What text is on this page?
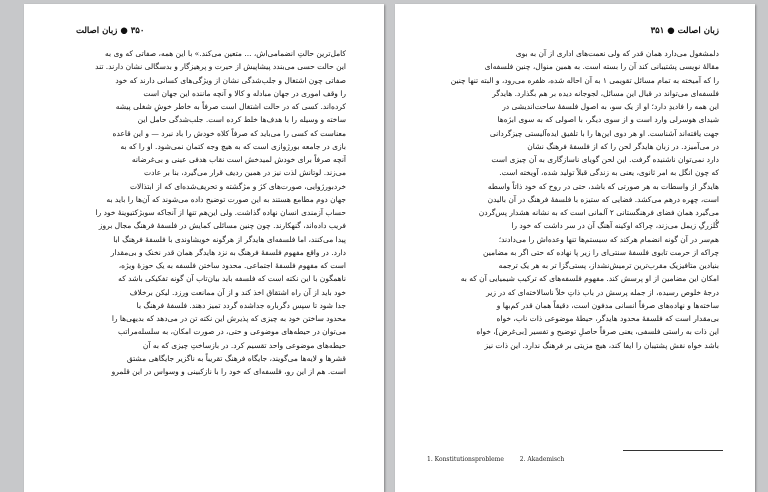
۳۵۰ ● زبان اصالت
کامل‌ترین حالتِ انضمامی‌اش، ... متعین می‌کند.» با این همه، صفاتی که وی به
این حالت حسی می‌بندد پیشاپیش از حیرت و پرهیزگار و بدسگالی نشان دارند. تند
صفاتی چون اشتغال و جلب‌شدگی نشان از ویژگی‌های کسانی دارند که خود
را وقف اموری در جهان مبادله و کالا و آنچه ماننده این جهان است
کرده‌اند. کسی که در حالت اشتغال است صرفاً به خاطر خوشِ شغلی پیشه
ساخته و وسیله را با هدف‌ها خلط کرده است. جلب‌شدگی حامل این
معناست که کسی را می‌باید که صرفاً کلاه خودش را باد نبرد — و این قاعده
بازی در جامعه بورژوازی است که به هیچ وجه کتمان نمی‌شود. او را که به
آنچه صرفاً برای خودش لمیدخش است نقاب هدفی عینی و بی‌غرضانه
می‌زند. لوتانش لذت نیز در همین ردیف قرار می‌گیرد، بنا بر عادت
خردبورژوایی، صورت‌های کژ و مژگشته و تحریف‌شده‌ای که از ابتذالات
جهان دوم مطامع هستند به این صورت توضیح داده می‌شوند که آن‌ها را باید به
حساب آزمندی انسان نهاده گذاشت. ولی این‌هم تنها از آنجاکه سوبژکتیوینهٔ خود را
فریب داده‌اند، گنهکارند. چون چنین مسائلی کمایش در فلسفهٔ فرهنگ مجال بروز
پیدا می‌کنند، اما فلسفه‌ای هایدگر از هرگونه خویشاوندی با فلسفهٔ فرهنگ ابا
دارد. در واقع مفهوم فلسفهٔ فرهنگ به نزد هایدگر همان قدر نخنک و بی‌مقدار
است که مفهوم فلسفهٔ اجتماعی. محدود ساختن فلسفه به یک حوزهٔ ویژه،
ناهمگون با این نکته است که فلسفه باید بیان‌تاب آن گونه تفکیکی باشد که
خود باید از آن راه اشتقاق اخذ کند و از آن ممانعت ورزد. لیکن برخلاف
جدا شود تا سپس دگرباره جداشده گردد تمیز دهند. فلسفهٔ فرهنگ با
محدود ساختن خود به چیزی که پذیرش این نکته تن در می‌دهد که بدیهی‌ها را
می‌توان در حیطه‌های موضوعی و حتی، در صورت امکان، به سلسله‌مراتب
حیطه‌های موضوعی واحد تقسیم کرد. در بازساختِ چیزی که به آن
قشرها و لایه‌ها می‌گویند، جایگاه فرهنگ تقریباً به ناگزیر جایگاهی مشتق
است. هم از این رو، فلسفه‌ای که خود را با نازکبینی و وسواس در این قلمرو
زبان اصالت ● ۳۵۱
دلمشغول می‌دارد همان قدر که ولی نعمت‌های اداری از آن به بوی
مقالهٔ نویسی پشتیبانی کند آن را بسته است. به همین منوال، چنین فلسفه‌ای
را که آمیخته به تمام مسائل تقویمی ۱ به آن احاله شده، ظفره می‌رود، و البته تنها چنین
فلسفه‌ای می‌تواند در قبال این مسائل، لجوجانه دیده بر هم بگذارد. هایدگر
این همه را فادیدِ دارد؛ او از یک سو، به اصول فلسفهٔ ساحت‌اندیشی در
شیدای هوسرلی وارد است و از سوی دیگر، با اصولی که به سوی ابژه‌ها
جهت یافته‌اند آشناست. او هر دوی این‌ها را با تلفیق ایده‌آلیستی چیزگردانی
در می‌آمیزد. در زبان هایدگر لحن را که از فلسفهٔ فرهنگ نشان
دارد نمی‌توان ناشنیده گرفت. این لحن گویای ناسازگاری به آن چیزی است
که چون انگل به امر ثانوی، یعنی به زندگی قبلاً تولید شده، آویخته است.
هایدگر از واسطات به هر صورتی که باشد، حتی در روح که خود ذاتاً واسطه
است، چهره درهم می‌کشد. فضایی که ستیزه با فلسفهٔ فرهنگ در آن بالیدن
می‌گیرد همان فضای فرهنگستانی ۲ آلمانی است که به نشانه هشدار پس‌گردن
گُلزرگِ زیمل می‌زند، چراکه اوکینه آهنگ آن در سر داشت که خود را
هم‌سر در آن گونه انضمام هرکند که سیستم‌ها تنها وعده‌اش را می‌دادند؛
چراکه از حرمت تابوی فلسفهٔ سنتی‌ای را زیر پا نهاده که حتی اگر به مضامین
بنیادین متافیزیک مقرب‌ترین ترمیش‌نشداز، پستی‌گزا تر به هر یک ترجمه
امکان این مضامین از او پرسش کند. مفهوم فلسفه‌های که ترکیب شیمیایی آن که به
درجهٔ خلوص رسیده، از جمله پرسش در باب ذاتِ خلاً ناسالاخته‌ای که در زیر
ساخته‌ها و نهاده‌های صرفاً انسانی مدفون است، دقیقاً همان قدر کم‌بها و
بی‌مقدار است که فلسفهٔ محدود هایدگر، حیطهٔ موضوعی ذات ناب، خواه
این ذات به راستی فلسفی، یعنی صرفاً حاصلِ توضیح و تفسیر [بی‌غرض]، خواه
باشد خواه نقش پشتیبان را ایفا کند، هیچ مزیتی بر فرهنگ ندارد. این ذات نیز
1. Konstitutionsprobleme	2. Akademisch
